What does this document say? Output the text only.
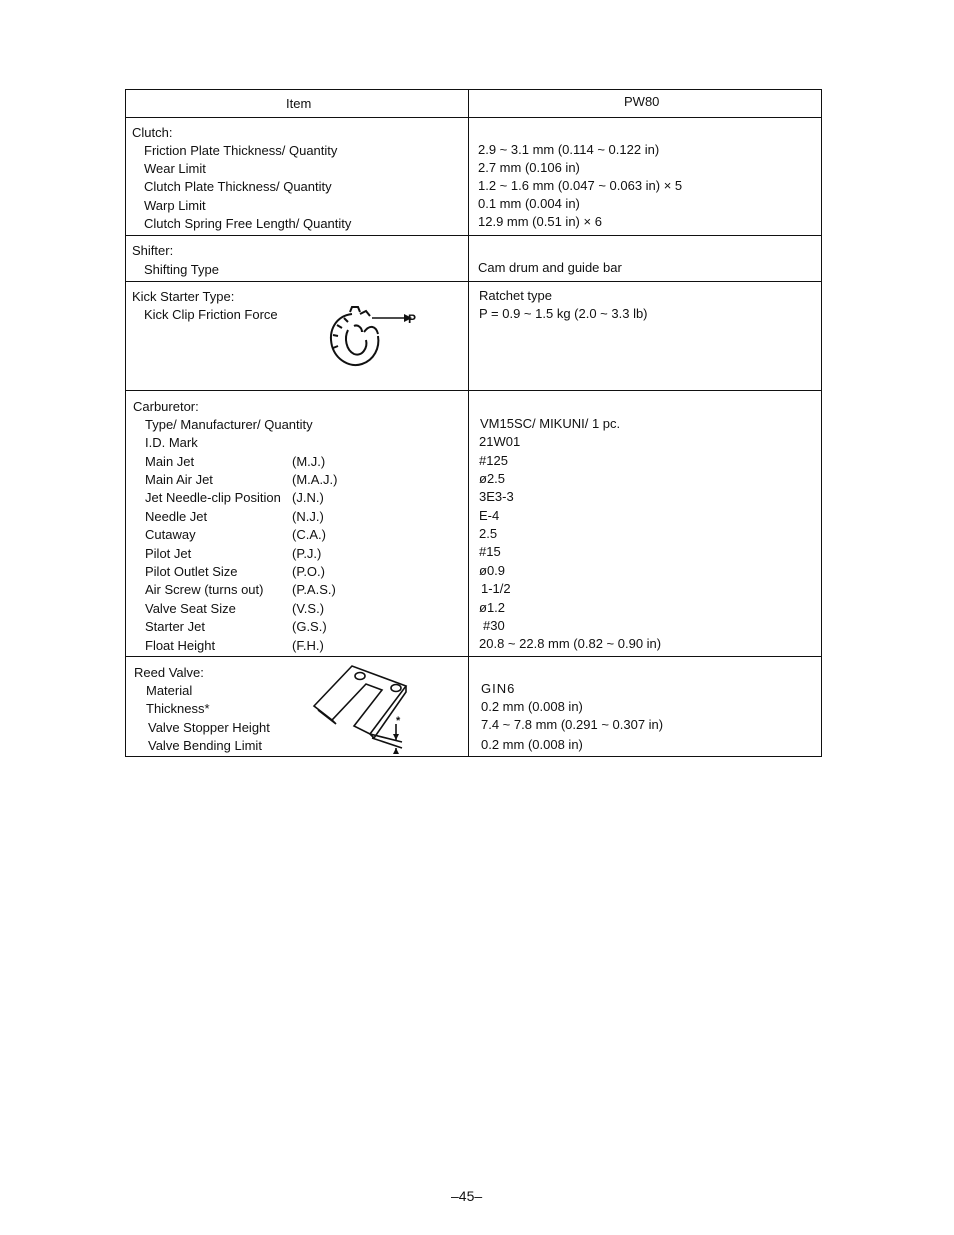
Item	PW80
Clutch:
Friction Plate Thickness/ Quantity
Wear Limit
Clutch Plate Thickness/ Quantity
Warp Limit
Clutch Spring Free Length/ Quantity
2.9 ~ 3.1 mm (0.114 ~ 0.122 in)
2.7 mm (0.106 in)
1.2 ~ 1.6 mm (0.047 ~ 0.063 in) × 5
0.1 mm (0.004 in)
12.9 mm (0.51 in) × 6
Shifter:
Shifting Type	Cam drum and guide bar
Kick Starter Type:
Kick Clip Friction Force
Ratchet type
P = 0.9 ~ 1.5 kg (2.0 ~ 3.3 lb)
P
Carburetor:
Type/ Manufacturer/ Quantity
I.D. Mark
Main Jet
Main Air Jet
Jet Needle-clip Position
Needle Jet
Cutaway
Pilot Jet
Pilot Outlet Size
Air Screw (turns out)
Valve Seat Size
Starter Jet
Float Height
(M.J.)
(M.A.J.)
(J.N.)
(N.J.)
(C.A.)
(P.J.)
(P.O.)
(P.A.S.)
(V.S.)
(G.S.)
(F.H.)
VM15SC/ MIKUNI/ 1 pc.
21W01
#125
ø2.5
3E3-3
E-4
2.5
#15
ø0.9
1-1/2
ø1.2
#30
20.8 ~ 22.8 mm (0.82 ~ 0.90 in)
Reed Valve:
Material
Thickness*
Valve Stopper Height
Valve Bending Limit
GIN6
0.2 mm (0.008 in)
7.4 ~ 7.8 mm (0.291 ~ 0.307 in)
0.2 mm (0.008 in)
*
–45–
